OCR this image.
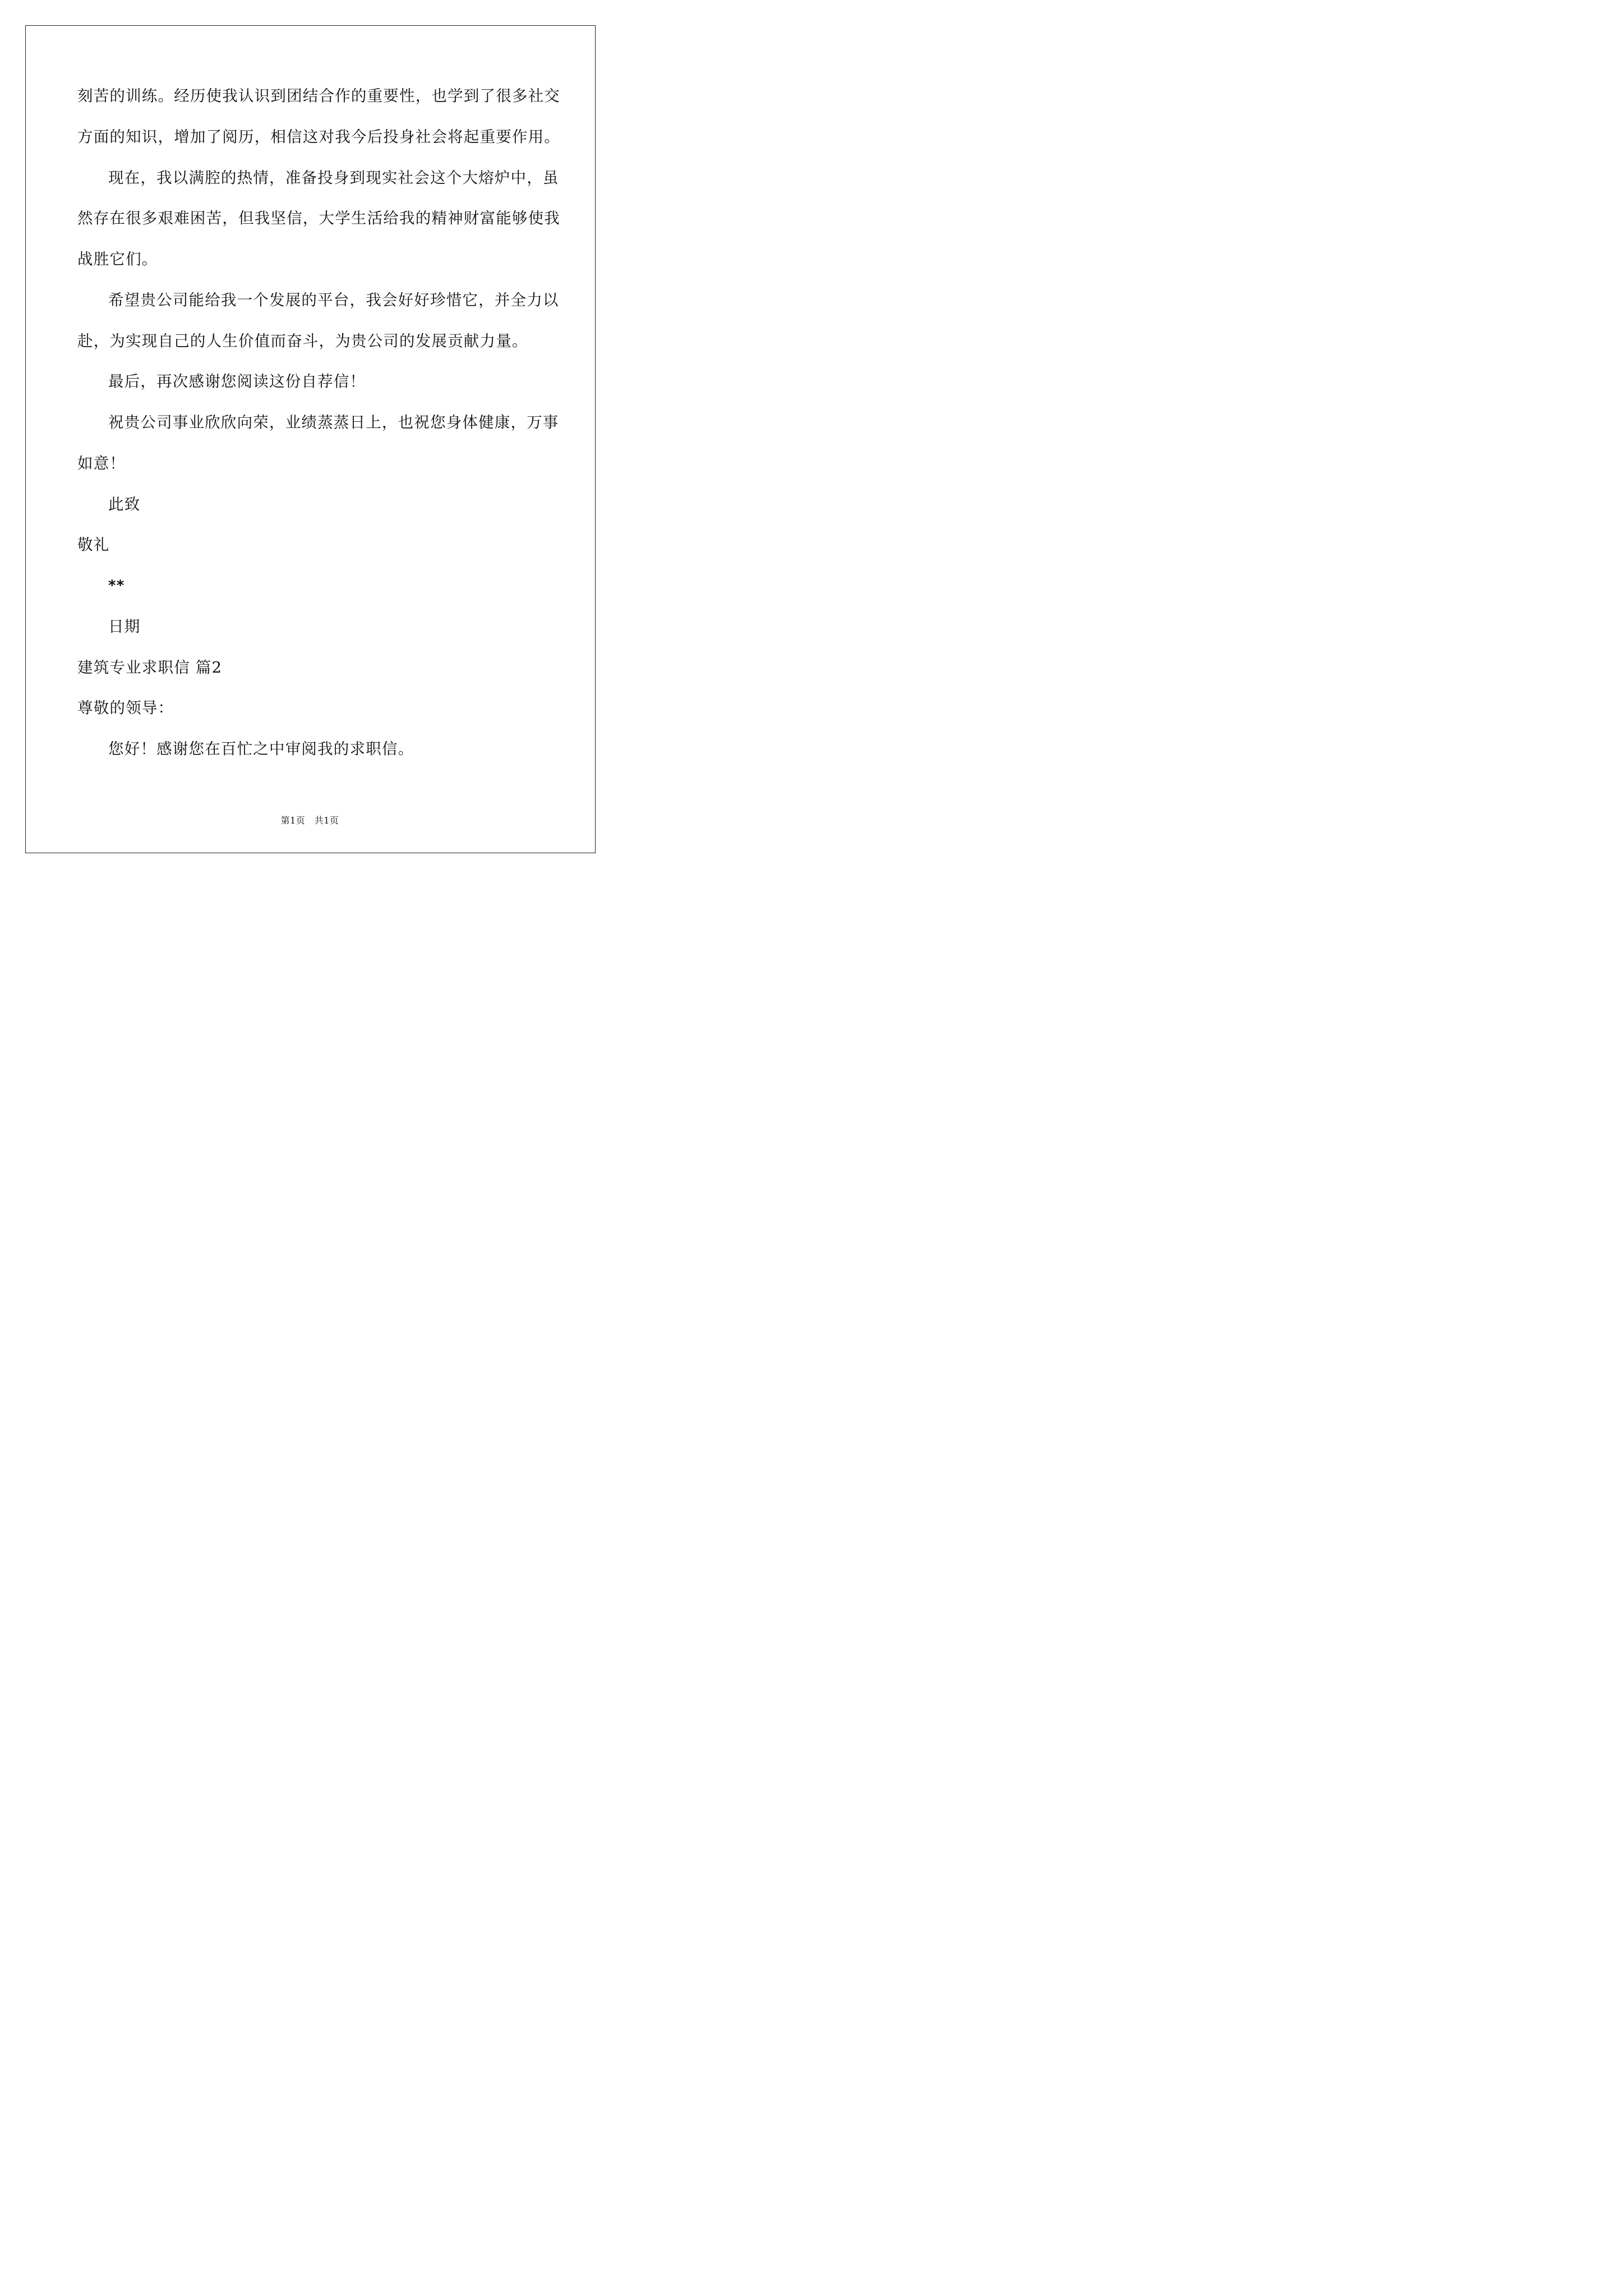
刻苦的训练。经历使我认识到团结合作的重要性，也学到了很多社交
方面的知识，增加了阅历，相信这对我今后投身社会将起重要作用。
现在，我以满腔的热情，准备投身到现实社会这个大熔炉中，虽
然存在很多艰难困苦，但我坚信，大学生活给我的精神财富能够使我
战胜它们。
希望贵公司能给我一个发展的平台，我会好好珍惜它，并全力以
赴，为实现自己的人生价值而奋斗，为贵公司的发展贡献力量。
最后，再次感谢您阅读这份自荐信！
祝贵公司事业欣欣向荣，业绩蒸蒸日上，也祝您身体健康，万事
如意！
此致
敬礼
**
日期
建筑专业求职信 篇2
尊敬的领导：
您好！感谢您在百忙之中审阅我的求职信。
第1页　共1页
